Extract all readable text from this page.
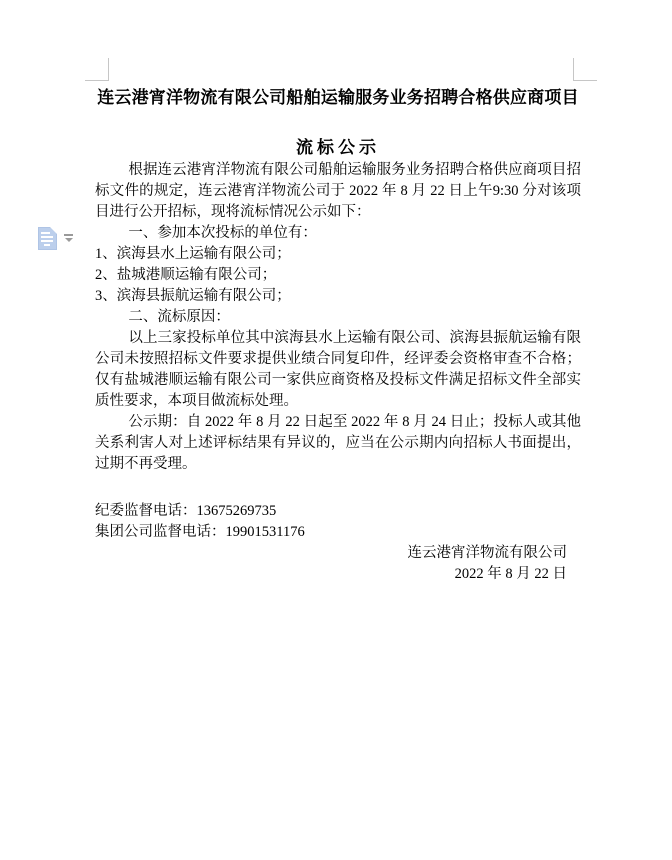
连云港宵洋物流有限公司船舶运输服务业务招聘合格供应商项目
流标公示

根据连云港宵洋物流有限公司船舶运输服务业务招聘合格供应商项目招标文件的规定，连云港宵洋物流公司于 2022 年 8 月 22 日上午9:30 分对该项目进行公开招标，现将流标情况公示如下：

一、参加本次投标的单位有：

1、滨海县水上运输有限公司；

2、盐城港顺运输有限公司；

3、滨海县振航运输有限公司；

二、流标原因：

以上三家投标单位其中滨海县水上运输有限公司、滨海县振航运输有限公司未按照招标文件要求提供业绩合同复印件，经评委会资格审查不合格；仅有盐城港顺运输有限公司一家供应商资格及投标文件满足招标文件全部实质性要求，本项目做流标处理。

公示期：自 2022 年 8 月 22 日起至 2022 年 8 月 24 日止；投标人或其他关系利害人对上述评标结果有异议的，应当在公示期内向招标人书面提出，过期不再受理。

纪委监督电话：13675269735

集团公司监督电话：19901531176

连云港宵洋物流有限公司

2022 年 8 月 22 日
